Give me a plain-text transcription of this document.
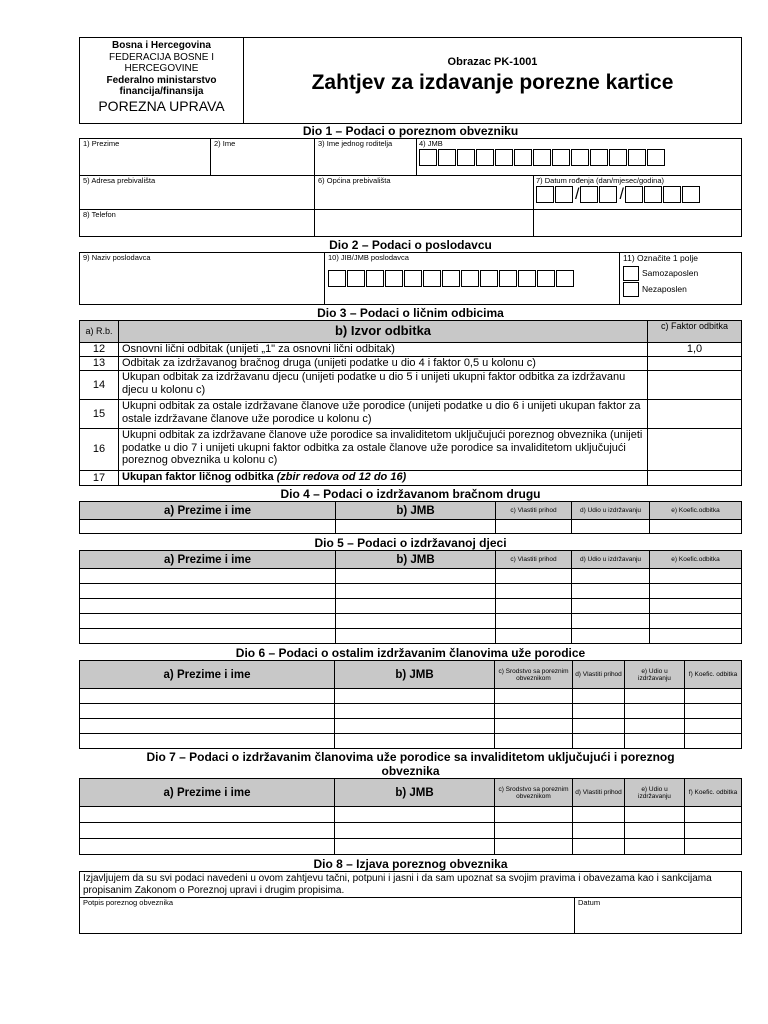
Bosna i Hercegovina
FEDERACIJA BOSNE I
HERCEGOVINE
Federalno ministarstvo
financija/finansija
POREZNA UPRAVA
Obrazac PK-1001
Zahtjev za izdavanje porezne kartice
Dio 1 – Podaci o poreznom obvezniku
1) Prezime	2) Ime	3) Ime jednog roditelja	4) JMB	

5) Adresa prebivališta		6) Općina prebivališta		7) Datum rođenja (dan/mjesec/godina)
/ /

8) Telefon				
Dio 2 – Podaci o poslodavcu
9) Naziv poslodavca	10) JIB/JMB poslodavca	11) Označite 1 polje
Samozaposlen
Nezaposlen
Dio 3 – Podaci o ličnim odbicima
a) R.b.	b) Izvor odbitka	c) Faktor odbitka
12	Osnovni lični odbitak (unijeti „1" za osnovni lični odbitak)	1,0
13	Odbitak za izdržavanog bračnog druga (unijeti podatke u dio 4 i faktor 0,5 u kolonu c)	
14	Ukupan odbitak za izdržavanu djecu (unijeti podatke u dio 5 i unijeti ukupni faktor odbitka za izdržavanu djecu u kolonu c)	
15	Ukupni odbitak za ostale izdržavane članove uže porodice (unijeti podatke u dio 6 i unijeti ukupan faktor za ostale izdržavane članove uže porodice u kolonu c)	
16	Ukupni odbitak za izdržavane članove uže porodice sa invaliditetom uključujući poreznog obveznika (unijeti podatke u dio 7 i unijeti ukupni faktor odbitka za ostale članove uže porodice sa invaliditetom uključujući poreznog obveznika u kolonu c)	
17	Ukupan faktor ličnog odbitka (zbir redova od 12 do 16)	
Dio 4 – Podaci o izdržavanom bračnom drugu
a) Prezime i ime	b) JMB	c) Vlastiti prihod	d) Udio u izdržavanju	e) Koefic.odbitka

Dio 5 – Podaci o izdržavanoj djeci
a) Prezime i ime	b) JMB	c) Vlastiti prihod	d) Udio u izdržavanju	e) Koefic.odbitka

Dio 6 – Podaci o ostalim izdržavanim članovima uže porodice
a) Prezime i ime	b) JMB	c) Srodstvo sa poreznim obveznikom	d) Vlastiti prihod	e) Udio u izdržavanju	f) Koefic. odbitka

Dio 7 – Podaci o izdržavanim članovima uže porodice sa invaliditetom uključujući i poreznog
obveznika
a) Prezime i ime	b) JMB	c) Srodstvo sa poreznim obveznikom	d) Vlastiti prihod	e) Udio u izdržavanju	f) Koefic. odbitka

Dio 8 – Izjava poreznog obveznika
Izjavljujem da su svi podaci navedeni u ovom zahtjevu tačni, potpuni i jasni i da sam upoznat sa svojim pravima i obavezama kao i sankcijama propisanim Zakonom o Poreznoj upravi i drugim propisima.
Potpis poreznog obveznika	Datum
